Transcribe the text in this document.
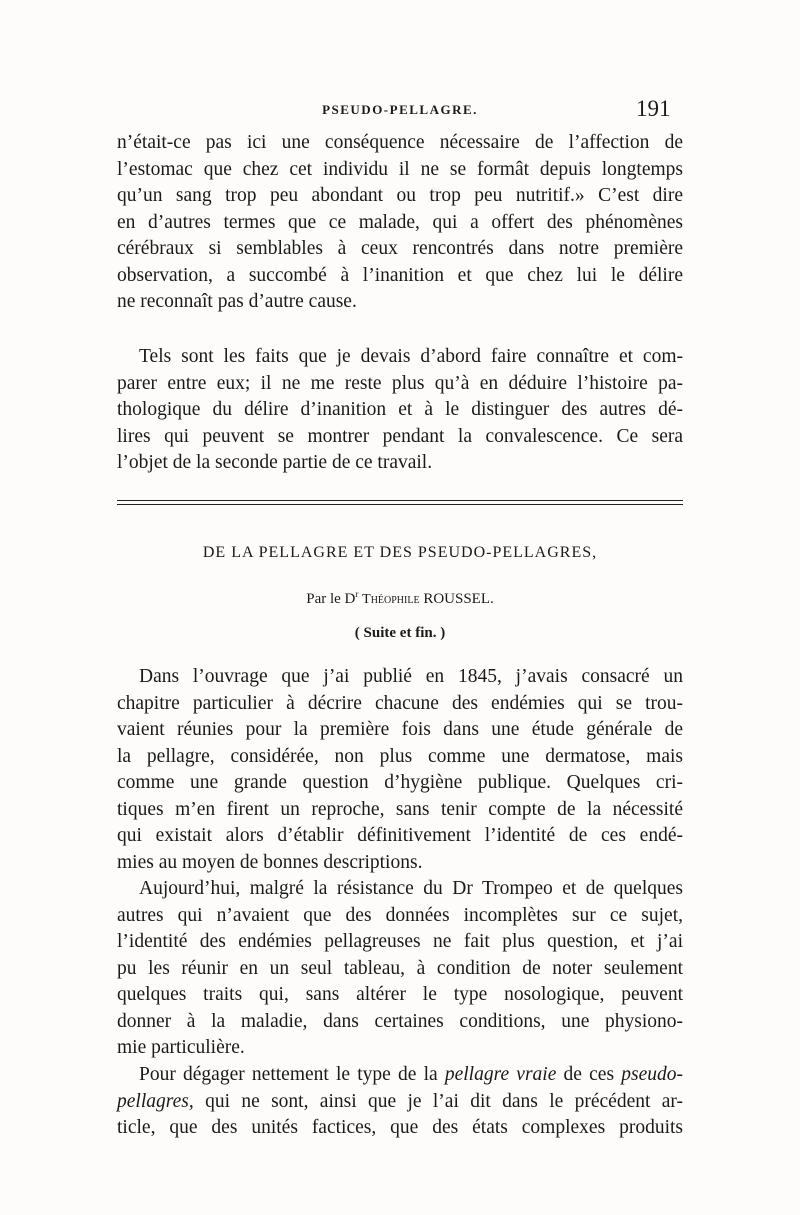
PSEUDO-PELLAGRE.	191
n’était-ce pas ici une conséquence nécessaire de l’affection de
l’estomac que chez cet individu il ne se formât depuis longtemps
qu’un sang trop peu abondant ou trop peu nutritif.» C’est dire
en d’autres termes que ce malade, qui a offert des phénomènes
cérébraux si semblables à ceux rencontrés dans notre première
observation, a succombé à l’inanition et que chez lui le délire
ne reconnaît pas d’autre cause.
Tels sont les faits que je devais d’abord faire connaître et com-
parer entre eux; il ne me reste plus qu’à en déduire l’histoire pa-
thologique du délire d’inanition et à le distinguer des autres dé-
lires qui peuvent se montrer pendant la convalescence. Ce sera
l’objet de la seconde partie de ce travail.
DE LA PELLAGRE ET DES PSEUDO-PELLAGRES,
Par le $D^r$ Théophile ROUSSEL.
( Suite et fin. )
Dans l’ouvrage que j’ai publié en 1845, j’avais consacré un
chapitre particulier à décrire chacune des endémies qui se trou-
vaient réunies pour la première fois dans une étude générale de
la pellagre, considérée, non plus comme une dermatose, mais
comme une grande question d’hygiène publique. Quelques cri-
tiques m’en firent un reproche, sans tenir compte de la nécessité
qui existait alors d’établir définitivement l’identité de ces endé-
mies au moyen de bonnes descriptions.
Aujourd’hui, malgré la résistance du Dr Trompeo et de quelques
autres qui n’avaient que des données incomplètes sur ce sujet,
l’identité des endémies pellagreuses ne fait plus question, et j’ai
pu les réunir en un seul tableau, à condition de noter seulement
quelques traits qui, sans altérer le type nosologique, peuvent
donner à la maladie, dans certaines conditions, une physiono-
mie particulière.
Pour dégager nettement le type de la pellagre vraie de ces pseudo-
pellagres, qui ne sont, ainsi que je l’ai dit dans le précédent ar-
ticle, que des unités factices, que des états complexes produits
